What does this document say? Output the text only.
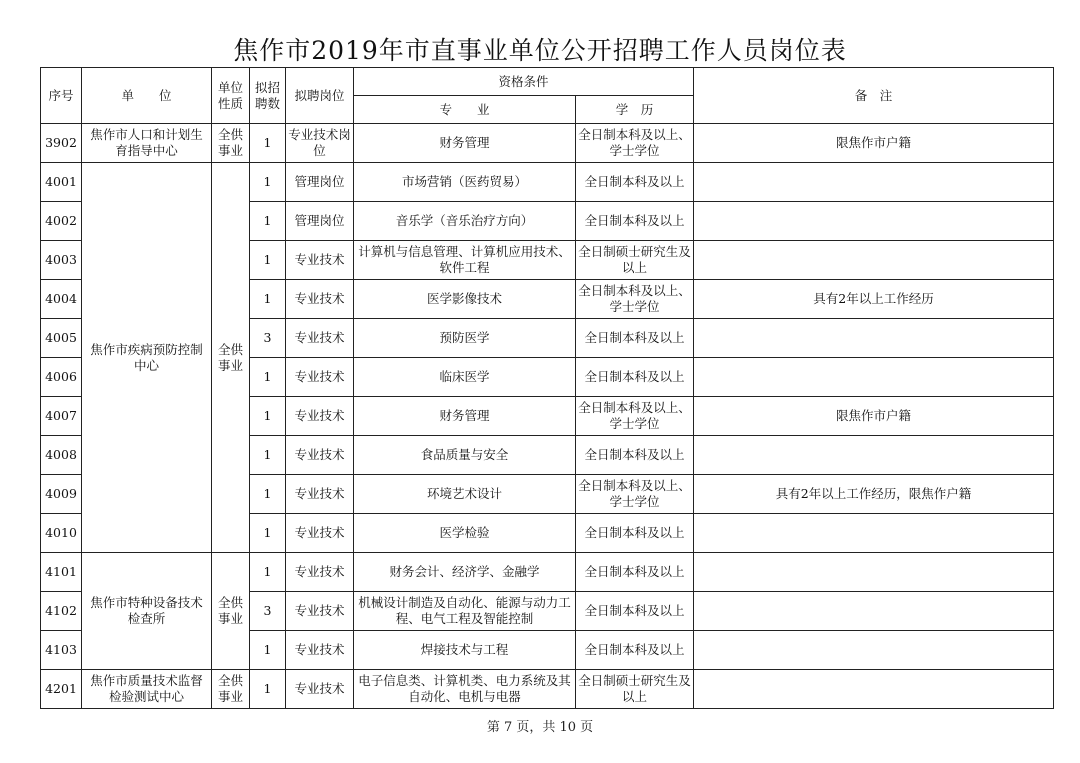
焦作市2019年市直事业单位公开招聘工作人员岗位表
序号	单　　位	单位性质	拟招聘数	拟聘岗位	资格条件		备　注
					专　　业	学　历	
3902	焦作市人口和计划生育指导中心	全供事业	1	专业技术岗位	财务管理	全日制本科及以上、学士学位	限焦作市户籍
4001	焦作市疾病预防控制中心	全供事业	1	管理岗位	市场营销（医药贸易）	全日制本科及以上	
4002			1	管理岗位	音乐学（音乐治疗方向）	全日制本科及以上	
4003			1	专业技术	计算机与信息管理、计算机应用技术、软件工程	全日制硕士研究生及以上	
4004			1	专业技术	医学影像技术	全日制本科及以上、学士学位	具有2年以上工作经历
4005			3	专业技术	预防医学	全日制本科及以上	
4006			1	专业技术	临床医学	全日制本科及以上	
4007			1	专业技术	财务管理	全日制本科及以上、学士学位	限焦作市户籍
4008			1	专业技术	食品质量与安全	全日制本科及以上	
4009			1	专业技术	环境艺术设计	全日制本科及以上、学士学位	具有2年以上工作经历，限焦作户籍
4010			1	专业技术	医学检验	全日制本科及以上	
4101	焦作市特种设备技术检查所	全供事业	1	专业技术	财务会计、经济学、金融学	全日制本科及以上	
4102			3	专业技术	机械设计制造及自动化、能源与动力工程、电气工程及智能控制	全日制本科及以上	
4103			1	专业技术	焊接技术与工程	全日制本科及以上	
4201	焦作市质量技术监督检验测试中心	全供事业	1	专业技术	电子信息类、计算机类、电力系统及其自动化、电机与电器	全日制硕士研究生及以上	
第 7 页，共 10 页
